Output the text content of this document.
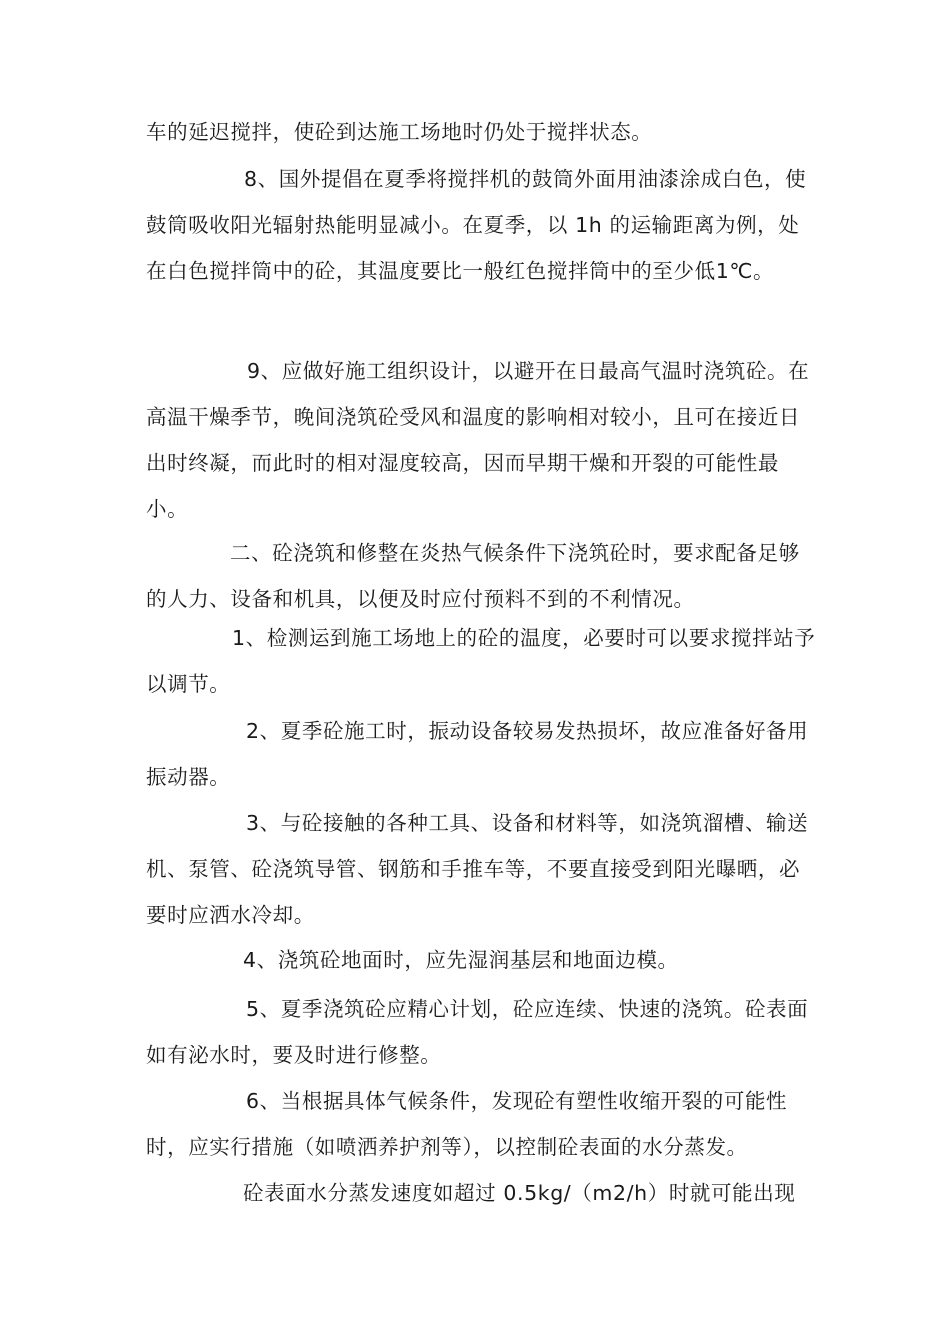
车的延迟搅拌，使砼到达施工场地时仍处于搅拌状态。

8、国外提倡在夏季将搅拌机的鼓筒外面用油漆涂成白色，使鼓筒吸收阳光辐射热能明显减小。在夏季，以 1h 的运输距离为例，处在白色搅拌筒中的砼，其温度要比一般红色搅拌筒中的至少低1℃。

9、应做好施工组织设计，以避开在日最高气温时浇筑砼。在高温干燥季节，晚间浇筑砼受风和温度的影响相对较小，且可在接近日出时终凝，而此时的相对湿度较高，因而早期干燥和开裂的可能性最小。

二、砼浇筑和修整在炎热气候条件下浇筑砼时，要求配备足够的人力、设备和机具，以便及时应付预料不到的不利情况。

1、检测运到施工场地上的砼的温度，必要时可以要求搅拌站予以调节。

2、夏季砼施工时，振动设备较易发热损坏，故应准备好备用振动器。

3、与砼接触的各种工具、设备和材料等，如浇筑溜槽、输送机、泵管、砼浇筑导管、钢筋和手推车等，不要直接受到阳光曝晒，必要时应洒水冷却。

4、浇筑砼地面时，应先湿润基层和地面边模。

5、夏季浇筑砼应精心计划，砼应连续、快速的浇筑。砼表面如有泌水时，要及时进行修整。

6、当根据具体气候条件，发现砼有塑性收缩开裂的可能性时，应实行措施（如喷洒养护剂等），以控制砼表面的水分蒸发。

砼表面水分蒸发速度如超过 0.5kg/（m2/h）时就可能出现
